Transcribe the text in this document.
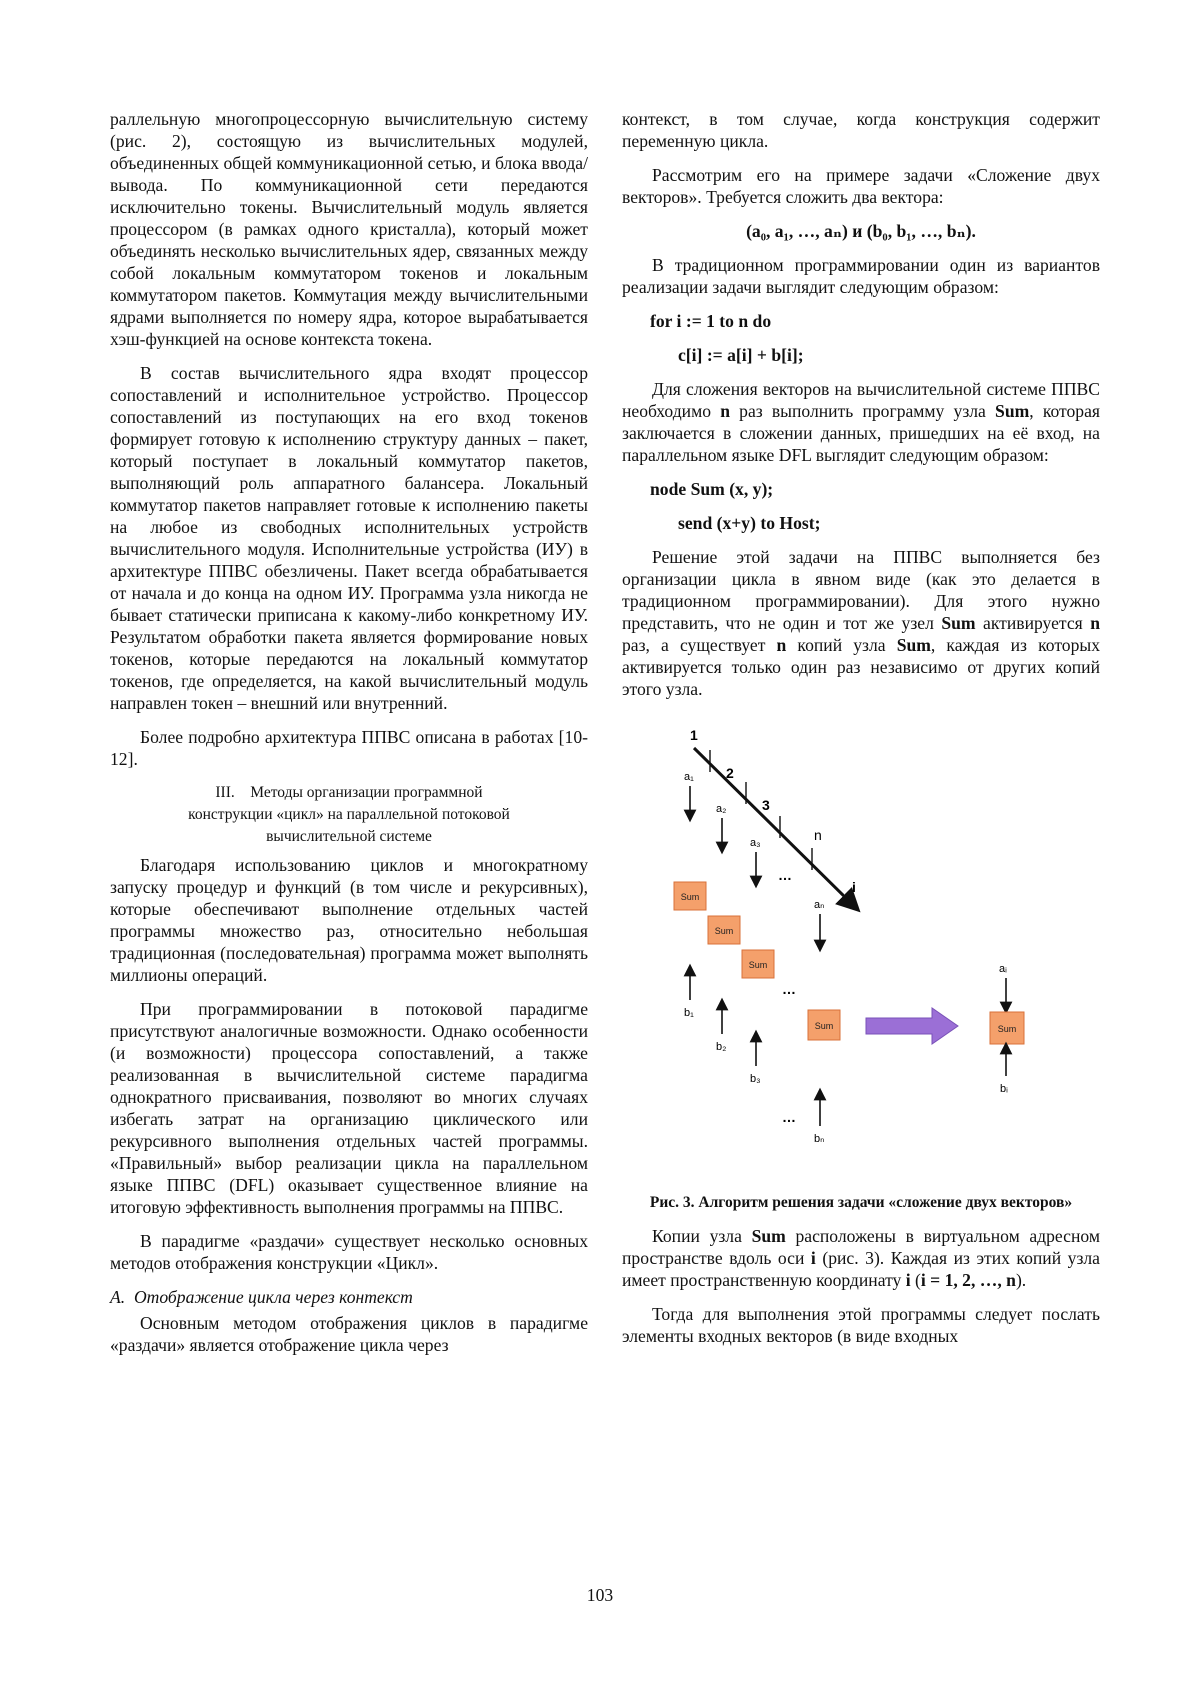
раллельную многопроцессорную вычислительную систему (рис. 2), состоящую из вычислительных модулей, объединенных общей коммуникационной сетью, и блока ввода/вывода. По коммуникационной сети передаются исключительно токены. Вычислительный модуль является процессором (в рамках одного кристалла), который может объединять несколько вычислительных ядер, связанных между собой локальным коммутатором токенов и локальным коммутатором пакетов. Коммутация между вычислительными ядрами выполняется по номеру ядра, которое вырабатывается хэш-функцией на основе контекста токена.

В состав вычислительного ядра входят процессор сопоставлений и исполнительное устройство. Процессор сопоставлений из поступающих на его вход токенов формирует готовую к исполнению структуру данных – пакет, который поступает в локальный коммутатор пакетов, выполняющий роль аппаратного балансера. Локальный коммутатор пакетов направляет готовые к исполнению пакеты на любое из свободных исполнительных устройств вычислительного модуля. Исполнительные устройства (ИУ) в архитектуре ППВС обезличены. Пакет всегда обрабатывается от начала и до конца на одном ИУ. Программа узла никогда не бывает статически приписана к какому-либо конкретному ИУ. Результатом обработки пакета является формирование новых токенов, которые передаются на локальный коммутатор токенов, где определяется, на какой вычислительный модуль направлен токен – внешний или внутренний.

Более подробно архитектура ППВС описана в работах [10-12].

III.    Методы организации программной
конструкции «цикл» на параллельной потоковой
вычислительной системе

Благодаря использованию циклов и многократному запуску процедур и функций (в том числе и рекурсивных), которые обеспечивают выполнение отдельных частей программы множество раз, относительно небольшая традиционная (последовательная) программа может выполнять миллионы операций.

При программировании в потоковой парадигме присутствуют аналогичные возможности. Однако особенности (и возможности) процессора сопоставлений, а также реализованная в вычислительной системе парадигма однократного присваивания, позволяют во многих случаях избегать затрат на организацию циклического или рекурсивного выполнения отдельных частей программы. «Правильный» выбор реализации цикла на параллельном языке ППВС (DFL) оказывает существенное влияние на итоговую эффективность выполнения программы на ППВС.

В парадигме «раздачи» существует несколько основных методов отображения конструкции «Цикл».

A.  Отображение цикла через контекст

Основным методом отображения циклов в парадигме «раздачи» является отображение цикла через

контекст, в том случае, когда конструкция содержит переменную цикла.

Рассмотрим его на примере задачи «Сложение двух векторов». Требуется сложить два вектора:

(a₀, a₁, …, aₙ) и (b₀, b₁, …, bₙ).

В традиционном программировании один из вариантов реализации задачи выглядит следующим образом:

for i := 1 to n do
c[i] := a[i] + b[i];

Для сложения векторов на вычислительной системе ППВС необходимо n раз выполнить программу узла Sum, которая заключается в сложении данных, пришедших на её вход, на параллельном языке DFL выглядит следующим образом:

node Sum (x, y);
send (x+y) to Host;

Решение этой задачи на ППВС выполняется без организации цикла в явном виде (как это делается в традиционном программировании). Для этого нужно представить, что не один и тот же узел Sum активируется n раз, а существует n копий узла Sum, каждая из которых активируется только один раз независимо от других копий этого узла.

1
2
3
n
i
a₁
a₂
a₃
…
aₙ
Sum
Sum
Sum
…
Sum
b₁
b₂
b₃
…
bₙ
aᵢ
Sum
bᵢ

Рис. 3. Алгоритм решения задачи «сложение двух векторов»

Копии узла Sum расположены в виртуальном адресном пространстве вдоль оси i (рис. 3). Каждая из этих копий узла имеет пространственную координату i (i = 1, 2, …, n).

Тогда для выполнения этой программы следует послать элементы входных векторов (в виде входных

103
